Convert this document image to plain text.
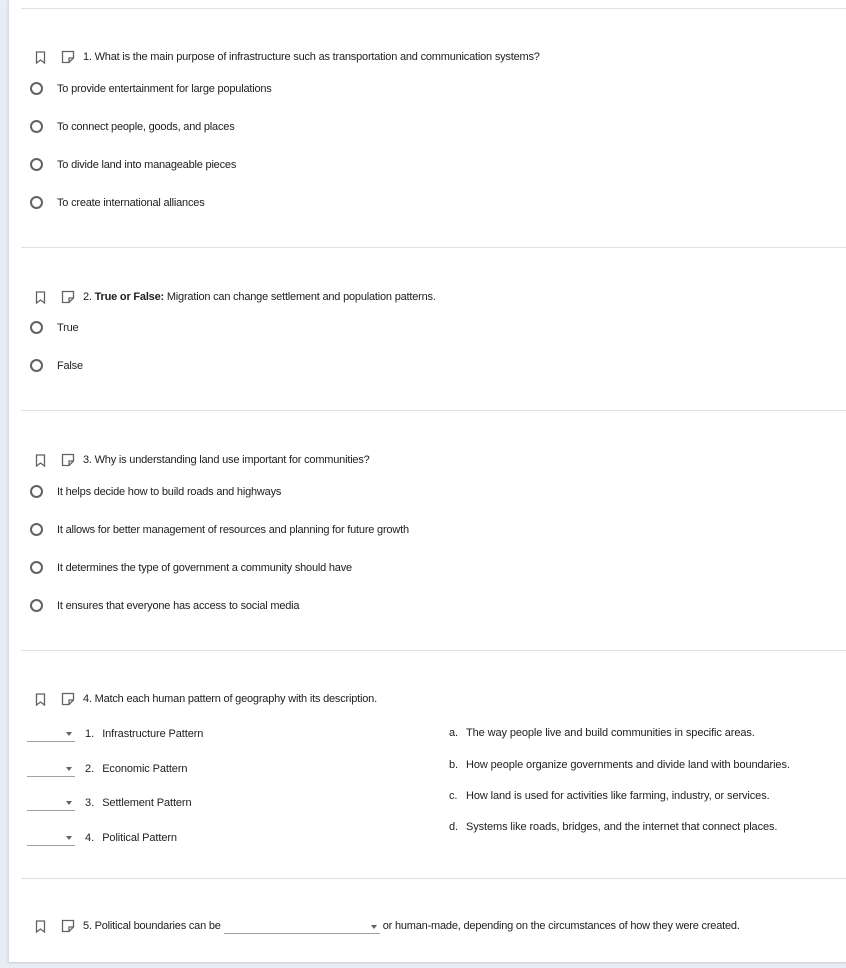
1. What is the main purpose of infrastructure such as transportation and communication systems?
To provide entertainment for large populations
To connect people, goods, and places
To divide land into manageable pieces
To create international alliances
2. True or False: Migration can change settlement and population patterns.
True
False
3. Why is understanding land use important for communities?
It helps decide how to build roads and highways
It allows for better management of resources and planning for future growth
It determines the type of government a community should have
It ensures that everyone has access to social media
4. Match each human pattern of geography with its description.
1. Infrastructure Pattern
2. Economic Pattern
3. Settlement Pattern
4. Political Pattern
a. The way people live and build communities in specific areas.
b. How people organize governments and divide land with boundaries.
c. How land is used for activities like farming, industry, or services.
d. Systems like roads, bridges, and the internet that connect places.
5. Political boundaries can be	or human-made, depending on the circumstances of how they were created.
